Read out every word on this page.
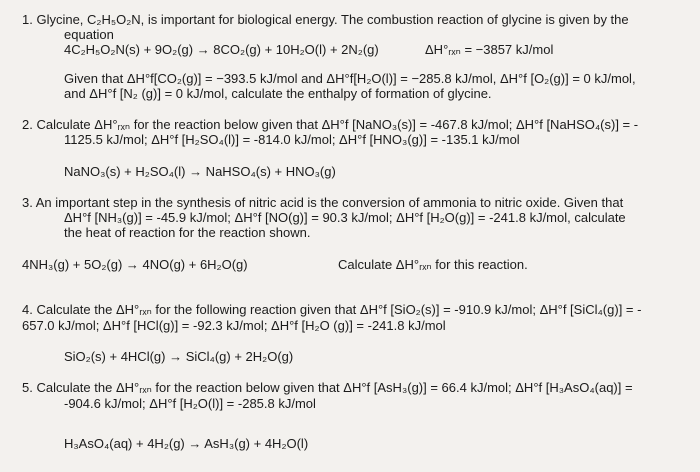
1. Glycine, C₂H₅O₂N, is important for biological energy. The combustion reaction of glycine is given by the
equation
4C₂H₅O₂N(s) + 9O₂(g) → 8CO₂(g) + 10H₂O(l) + 2N₂(g)	ΔH°ᵣₓₙ = −3857 kJ/mol
Given that ΔH°f[CO₂(g)] = −393.5 kJ/mol and ΔH°f[H₂O(l)] = −285.8 kJ/mol, ΔH°f [O₂(g)] = 0 kJ/mol,
and ΔH°f [N₂ (g)] = 0 kJ/mol, calculate the enthalpy of formation of glycine.
2. Calculate ΔH°ᵣₓₙ for the reaction below given that ΔH°f [NaNO₃(s)] = -467.8 kJ/mol; ΔH°f [NaHSO₄(s)] = -
1125.5 kJ/mol; ΔH°f [H₂SO₄(l)] = -814.0 kJ/mol; ΔH°f [HNO₃(g)] = -135.1 kJ/mol
NaNO₃(s) + H₂SO₄(l) → NaHSO₄(s) + HNO₃(g)
3. An important step in the synthesis of nitric acid is the conversion of ammonia to nitric oxide. Given that
ΔH°f [NH₃(g)] = -45.9 kJ/mol; ΔH°f [NO(g)] = 90.3 kJ/mol; ΔH°f [H₂O(g)] = -241.8 kJ/mol, calculate
the heat of reaction for the reaction shown.
4NH₃(g) + 5O₂(g) → 4NO(g) + 6H₂O(g)	Calculate ΔH°ᵣₓₙ for this reaction.
4. Calculate the ΔH°ᵣₓₙ for the following reaction given that ΔH°f [SiO₂(s)] = -910.9 kJ/mol; ΔH°f [SiCl₄(g)] = -
657.0 kJ/mol; ΔH°f [HCl(g)] = -92.3 kJ/mol; ΔH°f [H₂O (g)] = -241.8 kJ/mol
SiO₂(s) + 4HCl(g) → SiCl₄(g) + 2H₂O(g)
5. Calculate the ΔH°ᵣₓₙ for the reaction below given that ΔH°f [AsH₃(g)] = 66.4 kJ/mol; ΔH°f [H₃AsO₄(aq)] =
-904.6 kJ/mol; ΔH°f [H₂O(l)] = -285.8 kJ/mol
H₃AsO₄(aq) + 4H₂(g) → AsH₃(g) + 4H₂O(l)
